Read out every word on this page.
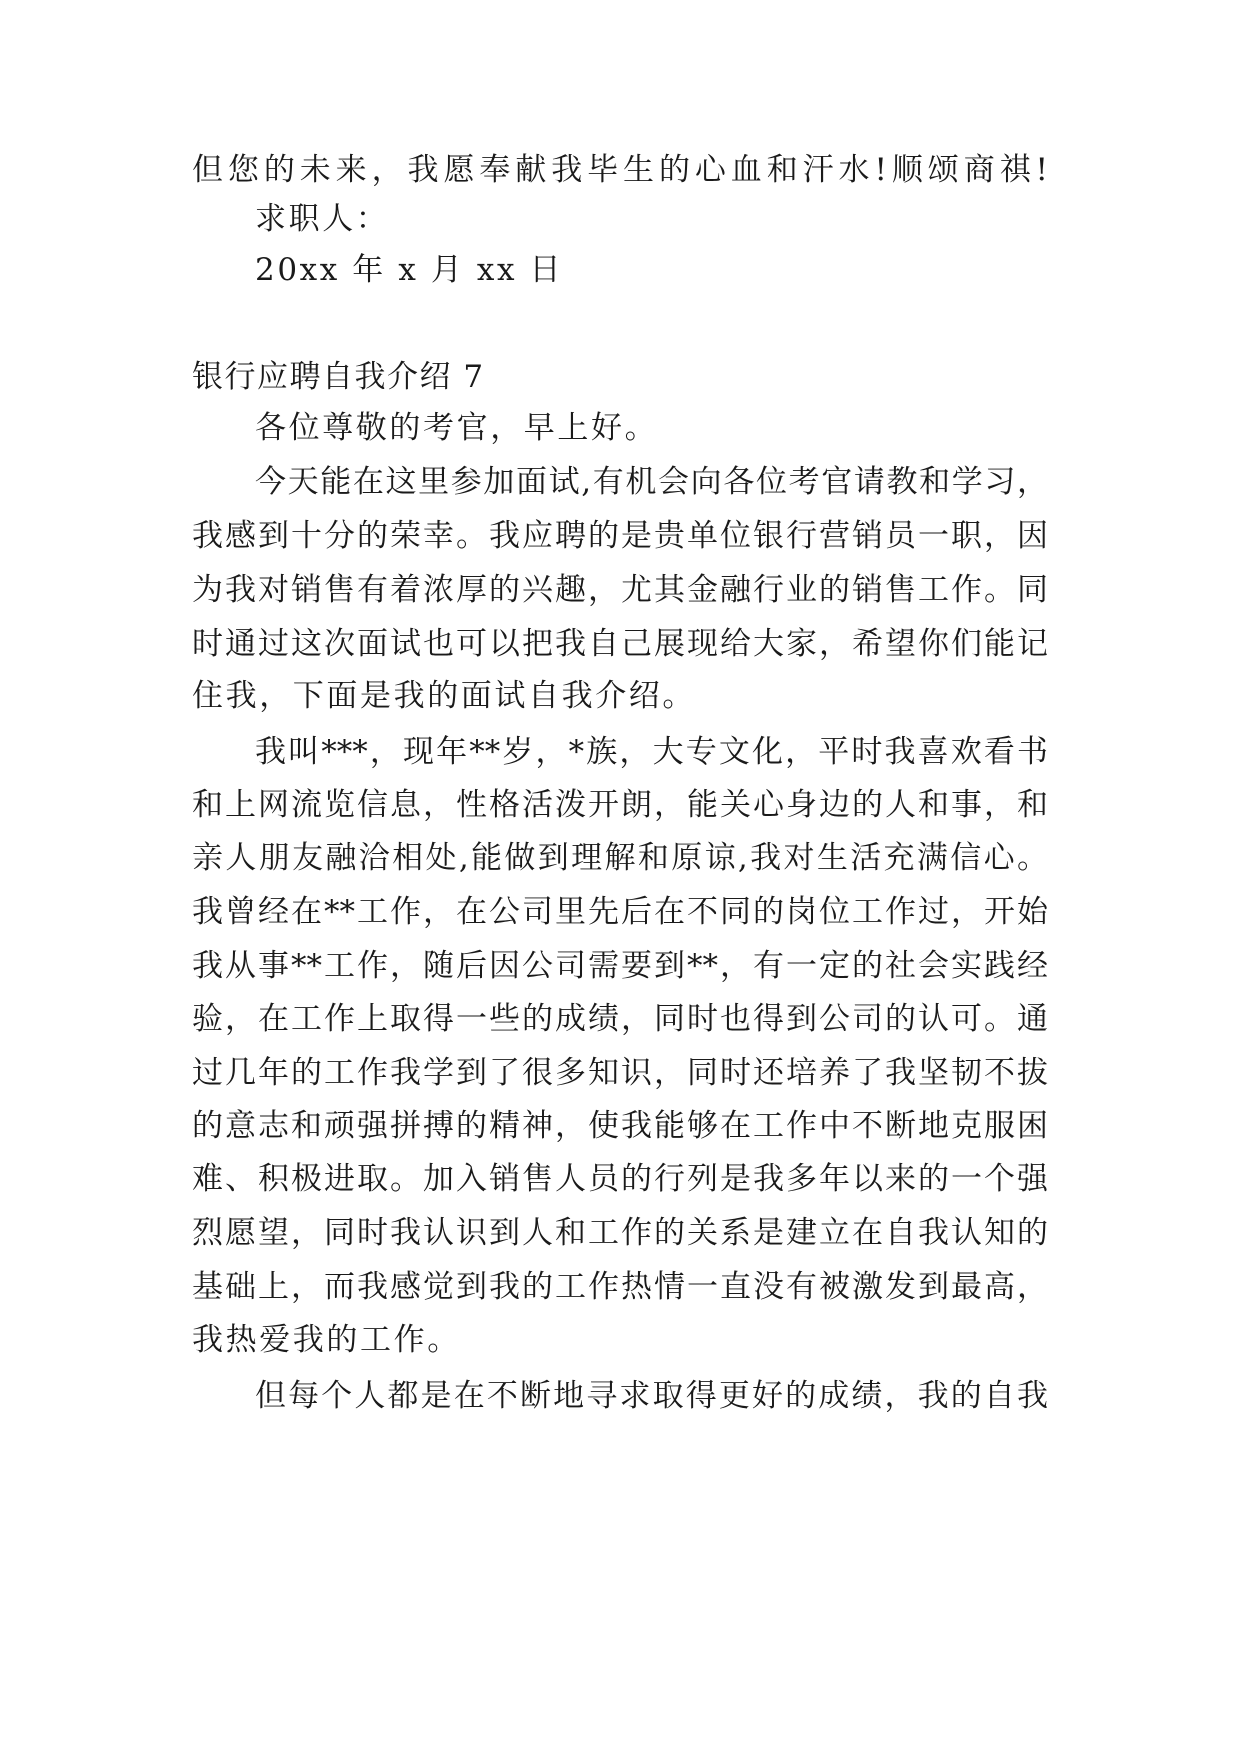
但您的未来，我愿奉献我毕生的心血和汗水!顺颂商祺!
求职人：
20xx 年 x 月 xx 日
银行应聘自我介绍 7
各位尊敬的考官，早上好。
今天能在这里参加面试,有机会向各位考官请教和学习，
我感到十分的荣幸。我应聘的是贵单位银行营销员一职，因
为我对销售有着浓厚的兴趣，尤其金融行业的销售工作。同
时通过这次面试也可以把我自己展现给大家，希望你们能记
住我，下面是我的面试自我介绍。
我叫***，现年**岁，*族，大专文化，平时我喜欢看书
和上网流览信息，性格活泼开朗，能关心身边的人和事，和
亲人朋友融洽相处,能做到理解和原谅,我对生活充满信心。
我曾经在**工作，在公司里先后在不同的岗位工作过，开始
我从事**工作，随后因公司需要到**，有一定的社会实践经
验，在工作上取得一些的成绩，同时也得到公司的认可。通
过几年的工作我学到了很多知识，同时还培养了我坚韧不拔
的意志和顽强拼搏的精神，使我能够在工作中不断地克服困
难、积极进取。加入销售人员的行列是我多年以来的一个强
烈愿望，同时我认识到人和工作的关系是建立在自我认知的
基础上，而我感觉到我的工作热情一直没有被激发到最高，
我热爱我的工作。
但每个人都是在不断地寻求取得更好的成绩，我的自我
